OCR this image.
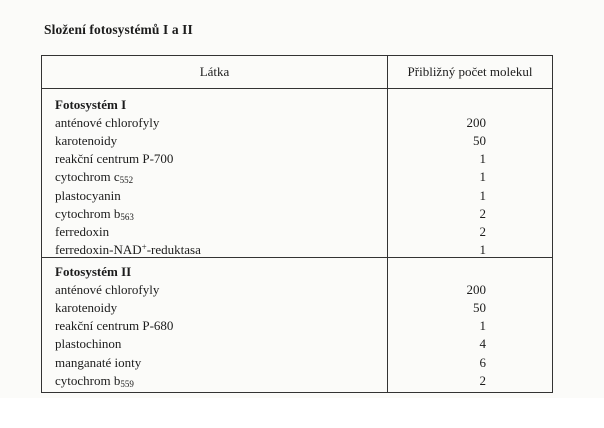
Složení fotosystémů I a II
Látka	Přibližný počet molekul
Fotosystém I
anténové chlorofyly	200
karotenoidy	50
reakční centrum P-700	1
cytochrom $c_{552}$	1
plastocyanin	1
cytochrom $b_{563}$	2
ferredoxin	2
ferredoxin-NAD+-reduktasa	1
Fotosystém II
anténové chlorofyly	200
karotenoidy	50
reakční centrum P-680	1
plastochinon	4
manganaté ionty	6
cytochrom $b_{559}$	2
